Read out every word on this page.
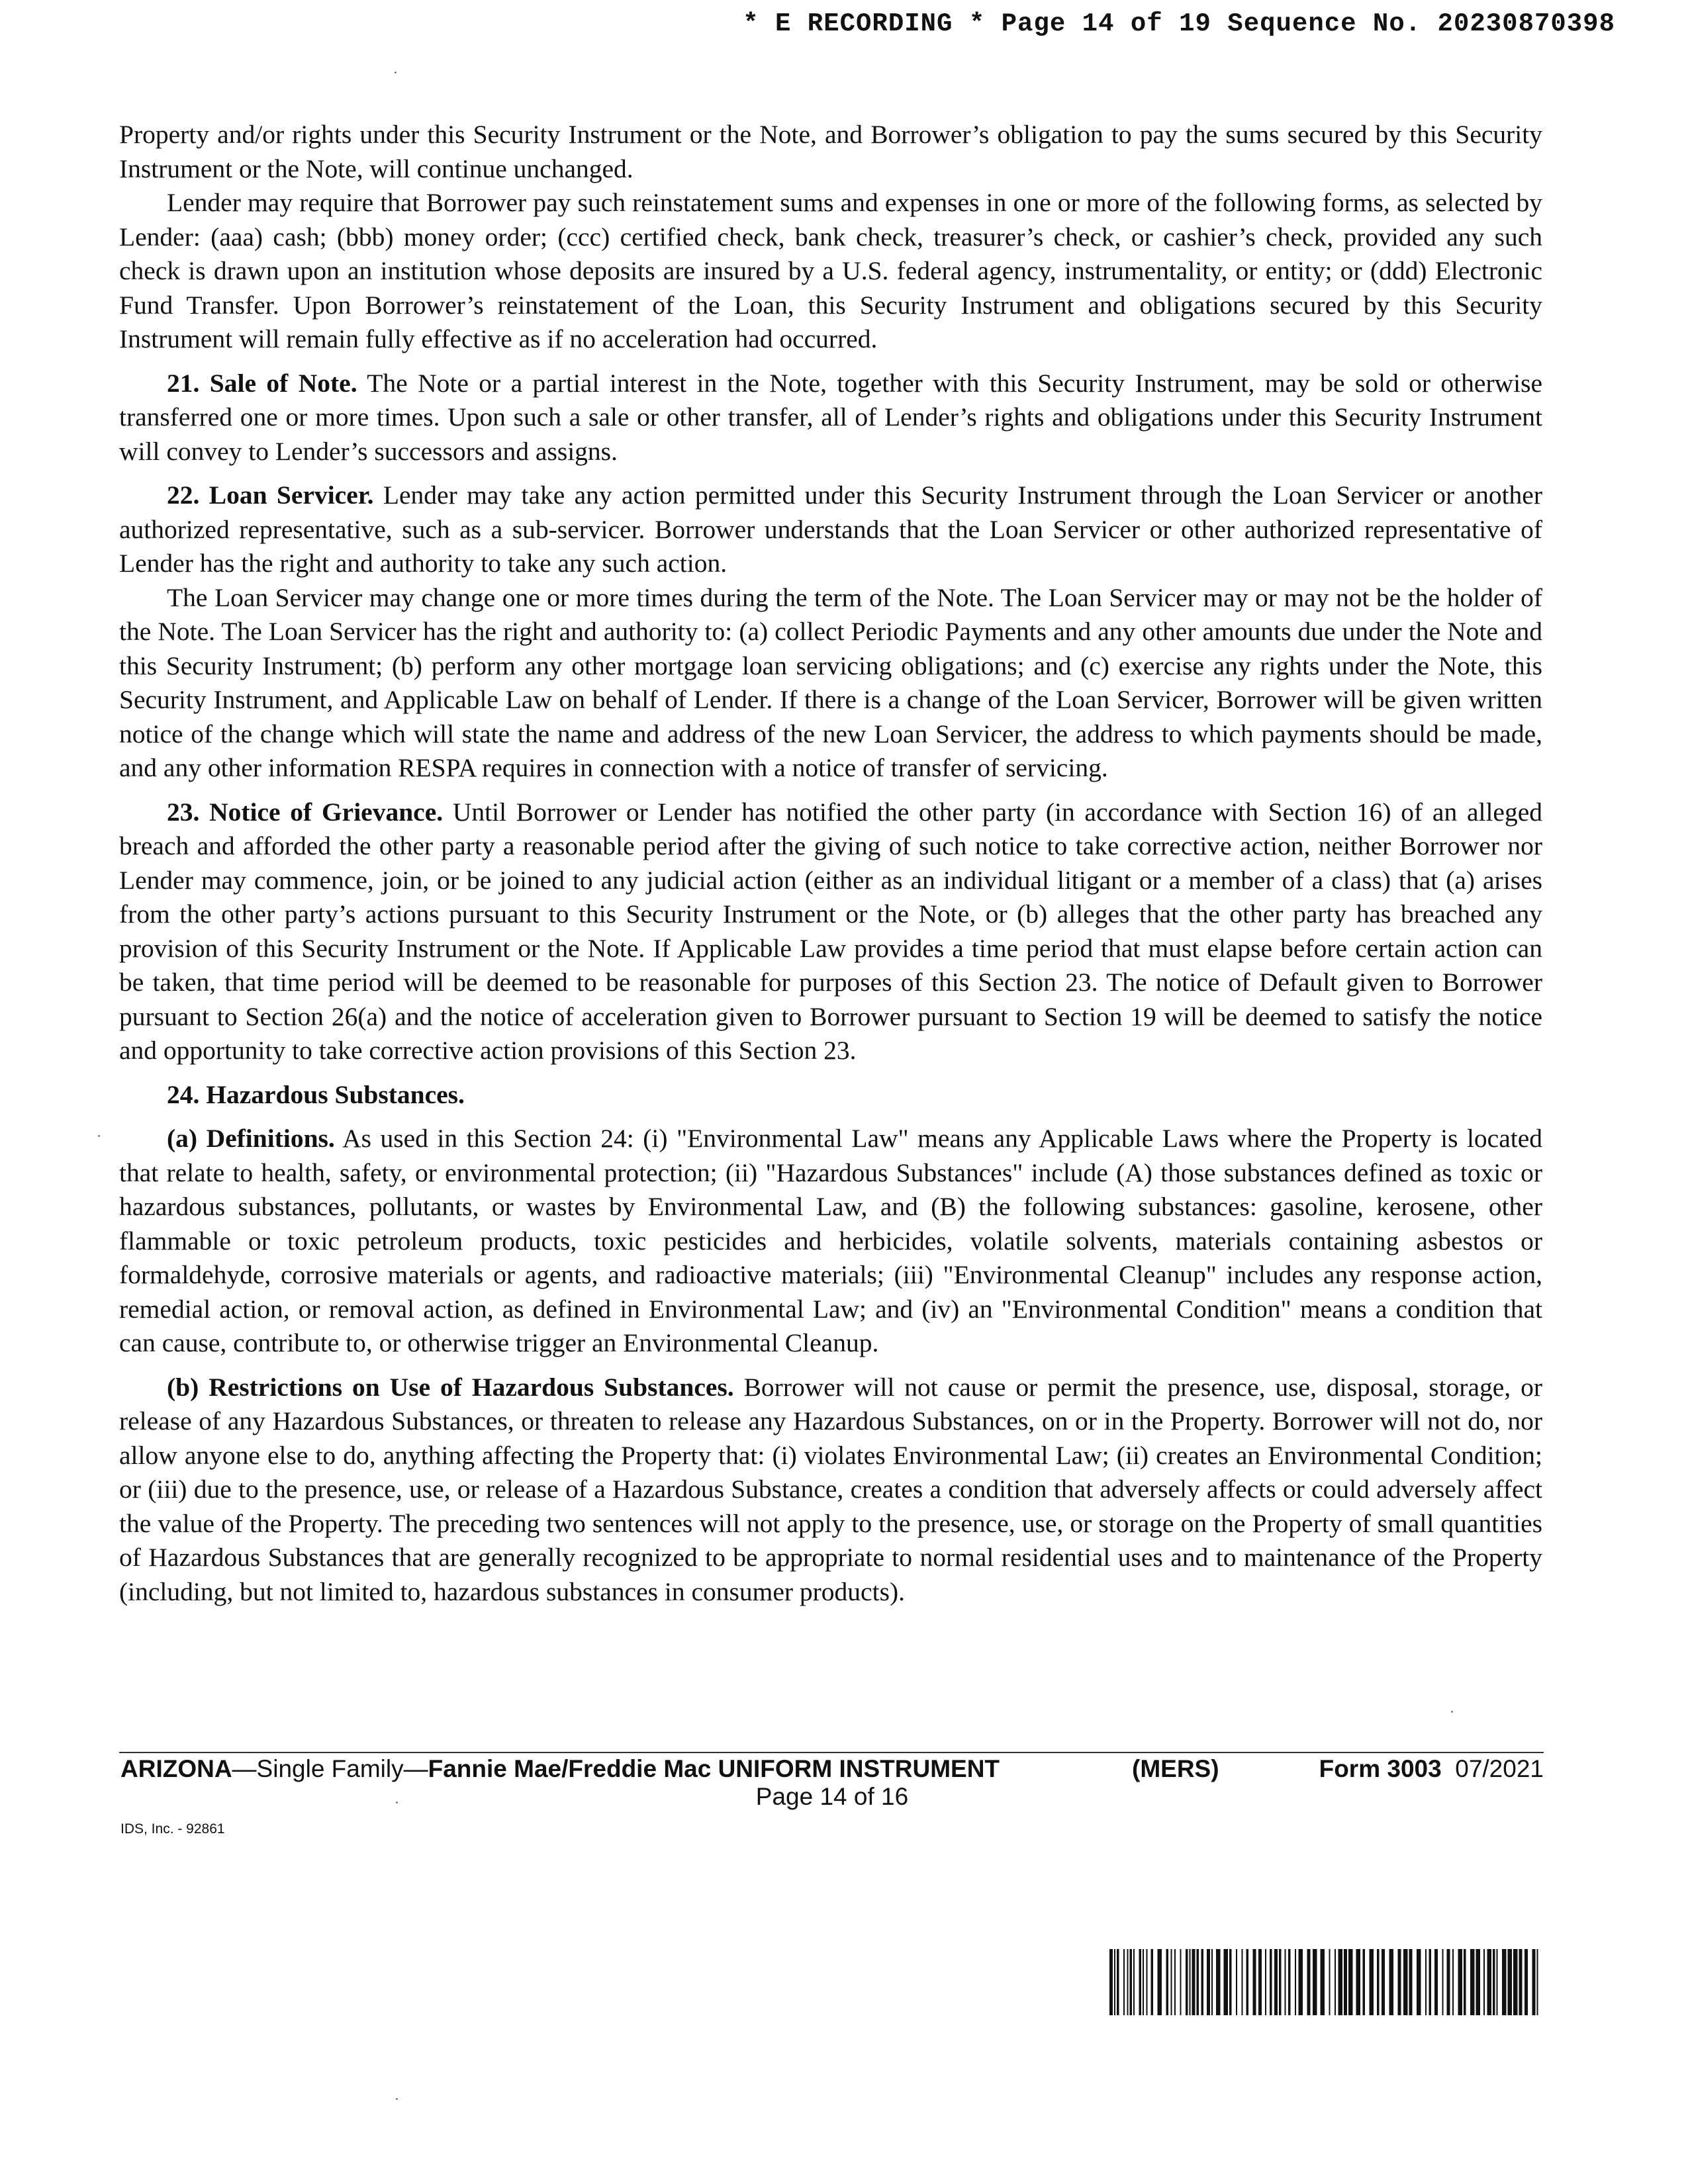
* E RECORDING * Page 14 of 19 Sequence No. 20230870398

Property and/or rights under this Security Instrument or the Note, and Borrower’s obligation to pay the sums secured by this Security Instrument or the Note, will continue unchanged.

Lender may require that Borrower pay such reinstatement sums and expenses in one or more of the following forms, as selected by Lender: (aaa) cash; (bbb) money order; (ccc) certified check, bank check, treasurer’s check, or cashier’s check, provided any such check is drawn upon an institution whose deposits are insured by a U.S. federal agency, instrumentality, or entity; or (ddd) Electronic Fund Transfer. Upon Borrower’s reinstatement of the Loan, this Security Instrument and obligations secured by this Security Instrument will remain fully effective as if no acceleration had occurred.

21. Sale of Note. The Note or a partial interest in the Note, together with this Security Instrument, may be sold or otherwise transferred one or more times. Upon such a sale or other transfer, all of Lender’s rights and obligations under this Security Instrument will convey to Lender’s successors and assigns.

22. Loan Servicer. Lender may take any action permitted under this Security Instrument through the Loan Servicer or another authorized representative, such as a sub-servicer. Borrower understands that the Loan Servicer or other authorized representative of Lender has the right and authority to take any such action.

The Loan Servicer may change one or more times during the term of the Note. The Loan Servicer may or may not be the holder of the Note. The Loan Servicer has the right and authority to: (a) collect Periodic Payments and any other amounts due under the Note and this Security Instrument; (b) perform any other mortgage loan servicing obligations; and (c) exercise any rights under the Note, this Security Instrument, and Applicable Law on behalf of Lender. If there is a change of the Loan Servicer, Borrower will be given written notice of the change which will state the name and address of the new Loan Servicer, the address to which payments should be made, and any other information RESPA requires in connection with a notice of transfer of servicing.

23. Notice of Grievance. Until Borrower or Lender has notified the other party (in accordance with Section 16) of an alleged breach and afforded the other party a reasonable period after the giving of such notice to take corrective action, neither Borrower nor Lender may commence, join, or be joined to any judicial action (either as an individual litigant or a member of a class) that (a) arises from the other party’s actions pursuant to this Security Instrument or the Note, or (b) alleges that the other party has breached any provision of this Security Instrument or the Note. If Applicable Law provides a time period that must elapse before certain action can be taken, that time period will be deemed to be reasonable for purposes of this Section 23. The notice of Default given to Borrower pursuant to Section 26(a) and the notice of acceleration given to Borrower pursuant to Section 19 will be deemed to satisfy the notice and opportunity to take corrective action provisions of this Section 23.

24. Hazardous Substances.

(a) Definitions. As used in this Section 24: (i) "Environmental Law" means any Applicable Laws where the Property is located that relate to health, safety, or environmental protection; (ii) "Hazardous Substances" include (A) those substances defined as toxic or hazardous substances, pollutants, or wastes by Environmental Law, and (B) the following substances: gasoline, kerosene, other flammable or toxic petroleum products, toxic pesticides and herbicides, volatile solvents, materials containing asbestos or formaldehyde, corrosive materials or agents, and radioactive materials; (iii) "Environmental Cleanup" includes any response action, remedial action, or removal action, as defined in Environmental Law; and (iv) an "Environmental Condition" means a condition that can cause, contribute to, or otherwise trigger an Environmental Cleanup.

(b) Restrictions on Use of Hazardous Substances. Borrower will not cause or permit the presence, use, disposal, storage, or release of any Hazardous Substances, or threaten to release any Hazardous Substances, on or in the Property. Borrower will not do, nor allow anyone else to do, anything affecting the Property that: (i) violates Environmental Law; (ii) creates an Environmental Condition; or (iii) due to the presence, use, or release of a Hazardous Substance, creates a condition that adversely affects or could adversely affect the value of the Property. The preceding two sentences will not apply to the presence, use, or storage on the Property of small quantities of Hazardous Substances that are generally recognized to be appropriate to normal residential uses and to maintenance of the Property (including, but not limited to, hazardous substances in consumer products).

ARIZONA—Single Family—Fannie Mae/Freddie Mac UNIFORM INSTRUMENT	(MERS)	Form 3003 07/2021
Page 14 of 16
IDS, Inc. - 92861
